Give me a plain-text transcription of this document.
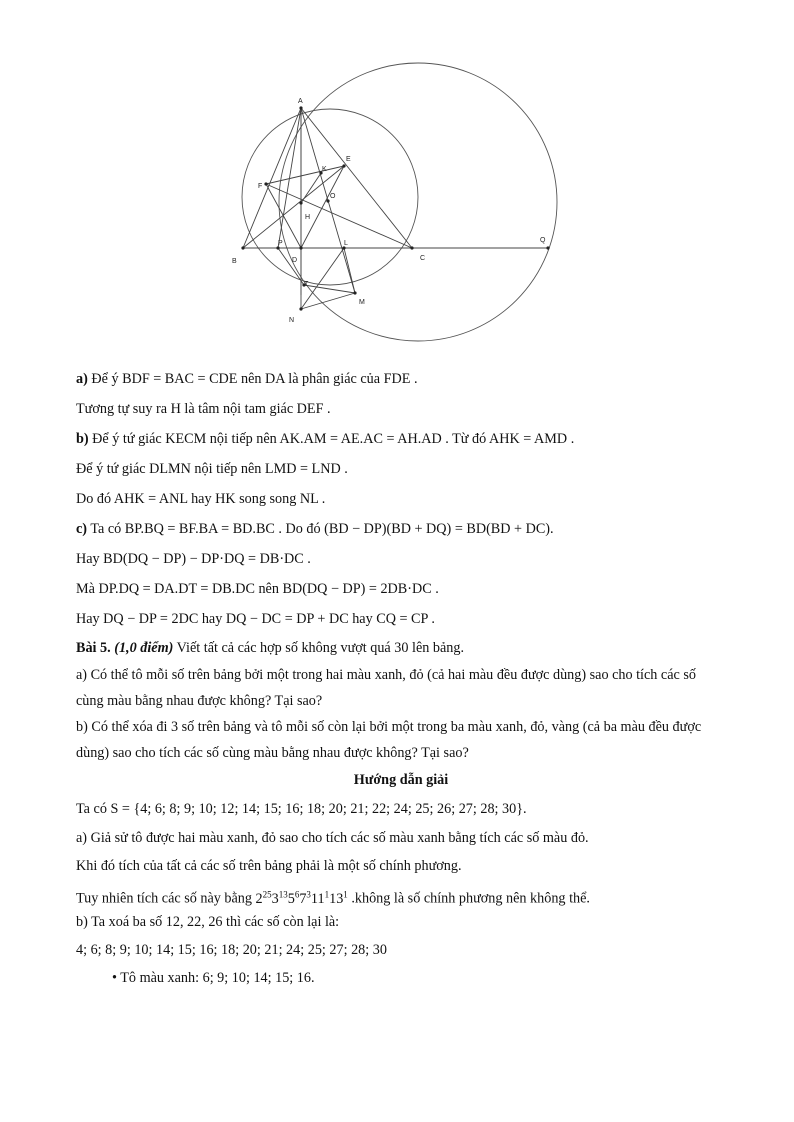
A
B	C
D
E
F
H
K
L
M
N
O
P	Q
T
a) Để ý BDF = BAC = CDE nên DA là phân giác của FDE .
Tương tự suy ra H là tâm nội tam giác DEF .
b) Để ý tứ giác KECM nội tiếp nên AK.AM = AE.AC = AH.AD . Từ đó AHK = AMD .
Để ý tứ giác DLMN nội tiếp nên LMD = LND .
Do đó AHK = ANL hay HK song song NL .
c) Ta có BP.BQ = BF.BA = BD.BC . Do đó (BD − DP)(BD + DQ) = BD(BD + DC).
Hay BD(DQ − DP) − DP·DQ = DB·DC .
Mà DP.DQ = DA.DT = DB.DC nên BD(DQ − DP) = 2DB·DC .
Hay DQ − DP = 2DC hay DQ − DC = DP + DC hay CQ = CP .
Bài 5. (1,0 điểm) Viết tất cả các hợp số không vượt quá 30 lên bảng.
a) Có thể tô mỗi số trên bảng bởi một trong hai màu xanh, đỏ (cả hai màu đều được dùng) sao cho tích các số cùng màu bằng nhau được không? Tại sao?
b) Có thể xóa đi 3 số trên bảng và tô mỗi số còn lại bởi một trong ba màu xanh, đỏ, vàng (cả ba màu đều được dùng) sao cho tích các số cùng màu bằng nhau được không? Tại sao?
Hướng dẫn giải
Ta có S = {4; 6; 8; 9; 10; 12; 14; 15; 16; 18; 20; 21; 22; 24; 25; 26; 27; 28; 30}.
a) Giả sử tô được hai màu xanh, đỏ sao cho tích các số màu xanh bằng tích các số màu đỏ.
Khi đó tích của tất cả các số trên bảng phải là một số chính phương.
Tuy nhiên tích các số này bằng $2^{25}3^{13}5^67^311^113^1$ .không là số chính phương nên không thể.
b) Ta xoá ba số 12, 22, 26 thì các số còn lại là:
4; 6; 8; 9; 10; 14; 15; 16; 18; 20; 21; 24; 25; 27; 28; 30
• Tô màu xanh: 6; 9; 10; 14; 15; 16.
